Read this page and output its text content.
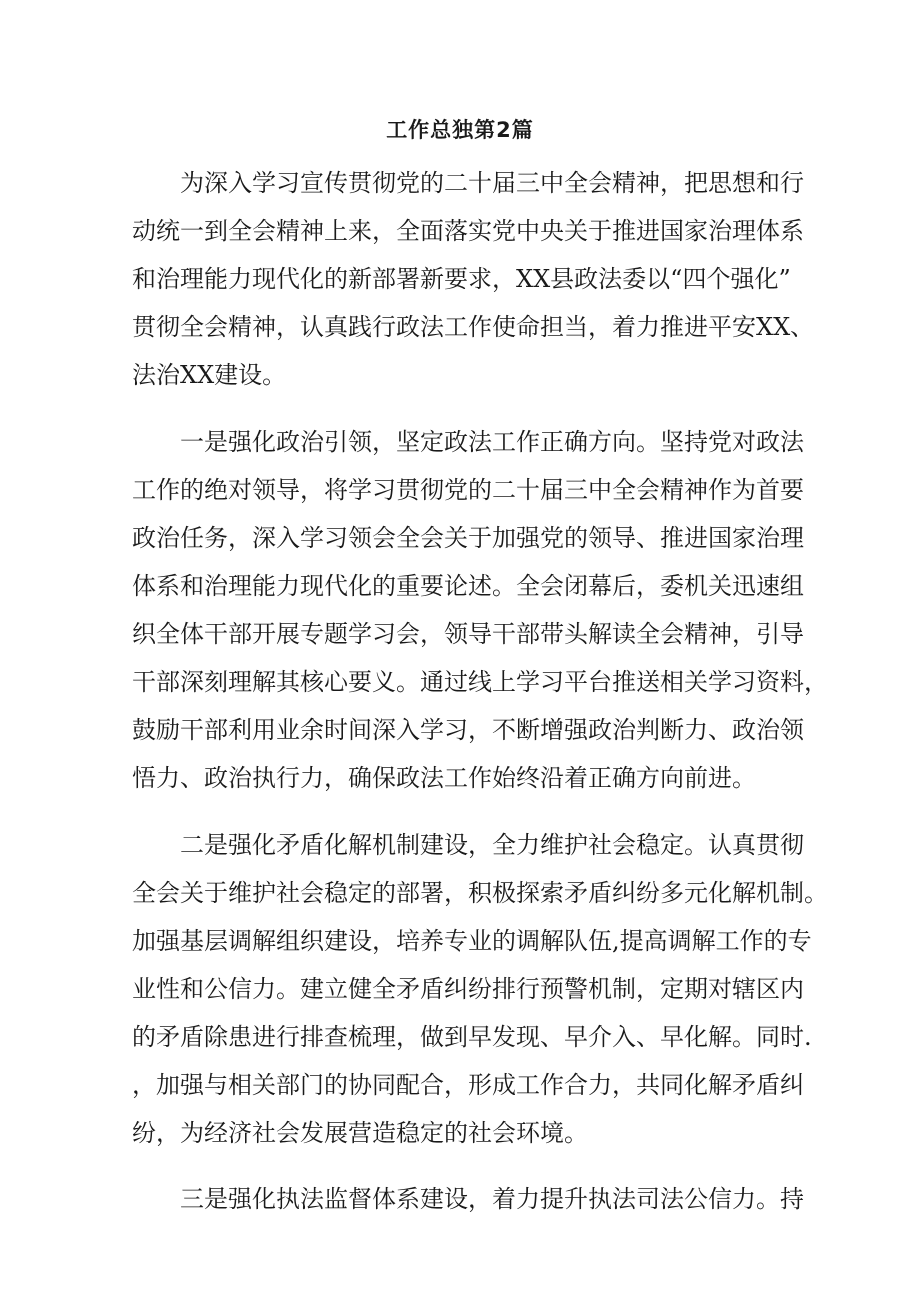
工作总独第2篇

为深入学习宣传贯彻党的二十届三中全会精神，把思想和行

动统一到全会精神上来，全面落实党中央关于推进国家治理体系

和治理能力现代化的新部署新要求，XX县政法委以“四个强化”

贯彻全会精神，认真践行政法工作使命担当，着力推进平安XX、

法治XX建设。

一是强化政治引领，坚定政法工作正确方向。坚持党对政法

工作的绝对领导，将学习贯彻党的二十届三中全会精神作为首要

政治任务，深入学习领会全会关于加强党的领导、推进国家治理

体系和治理能力现代化的重要论述。全会闭幕后，委机关迅速组

织全体干部开展专题学习会，领导干部带头解读全会精神，引导

干部深刻理解其核心要义。通过线上学习平台推送相关学习资料，

鼓励干部利用业余时间深入学习，不断增强政治判断力、政治领

悟力、政治执行力，确保政法工作始终沿着正确方向前进。

二是强化矛盾化解机制建设，全力维护社会稳定。认真贯彻

全会关于维护社会稳定的部署，积极探索矛盾纠纷多元化解机制。

加强基层调解组织建设，培养专业的调解队伍,提高调解工作的专

业性和公信力。建立健全矛盾纠纷排行预警机制，定期对辖区内

的矛盾除患进行排查梳理，做到早发现、早介入、早化解。同时.

，加强与相关部门的协同配合，形成工作合力，共同化解矛盾纠

纷，为经济社会发展营造稳定的社会环境。

三是强化执法监督体系建设，着力提升执法司法公信力。持
